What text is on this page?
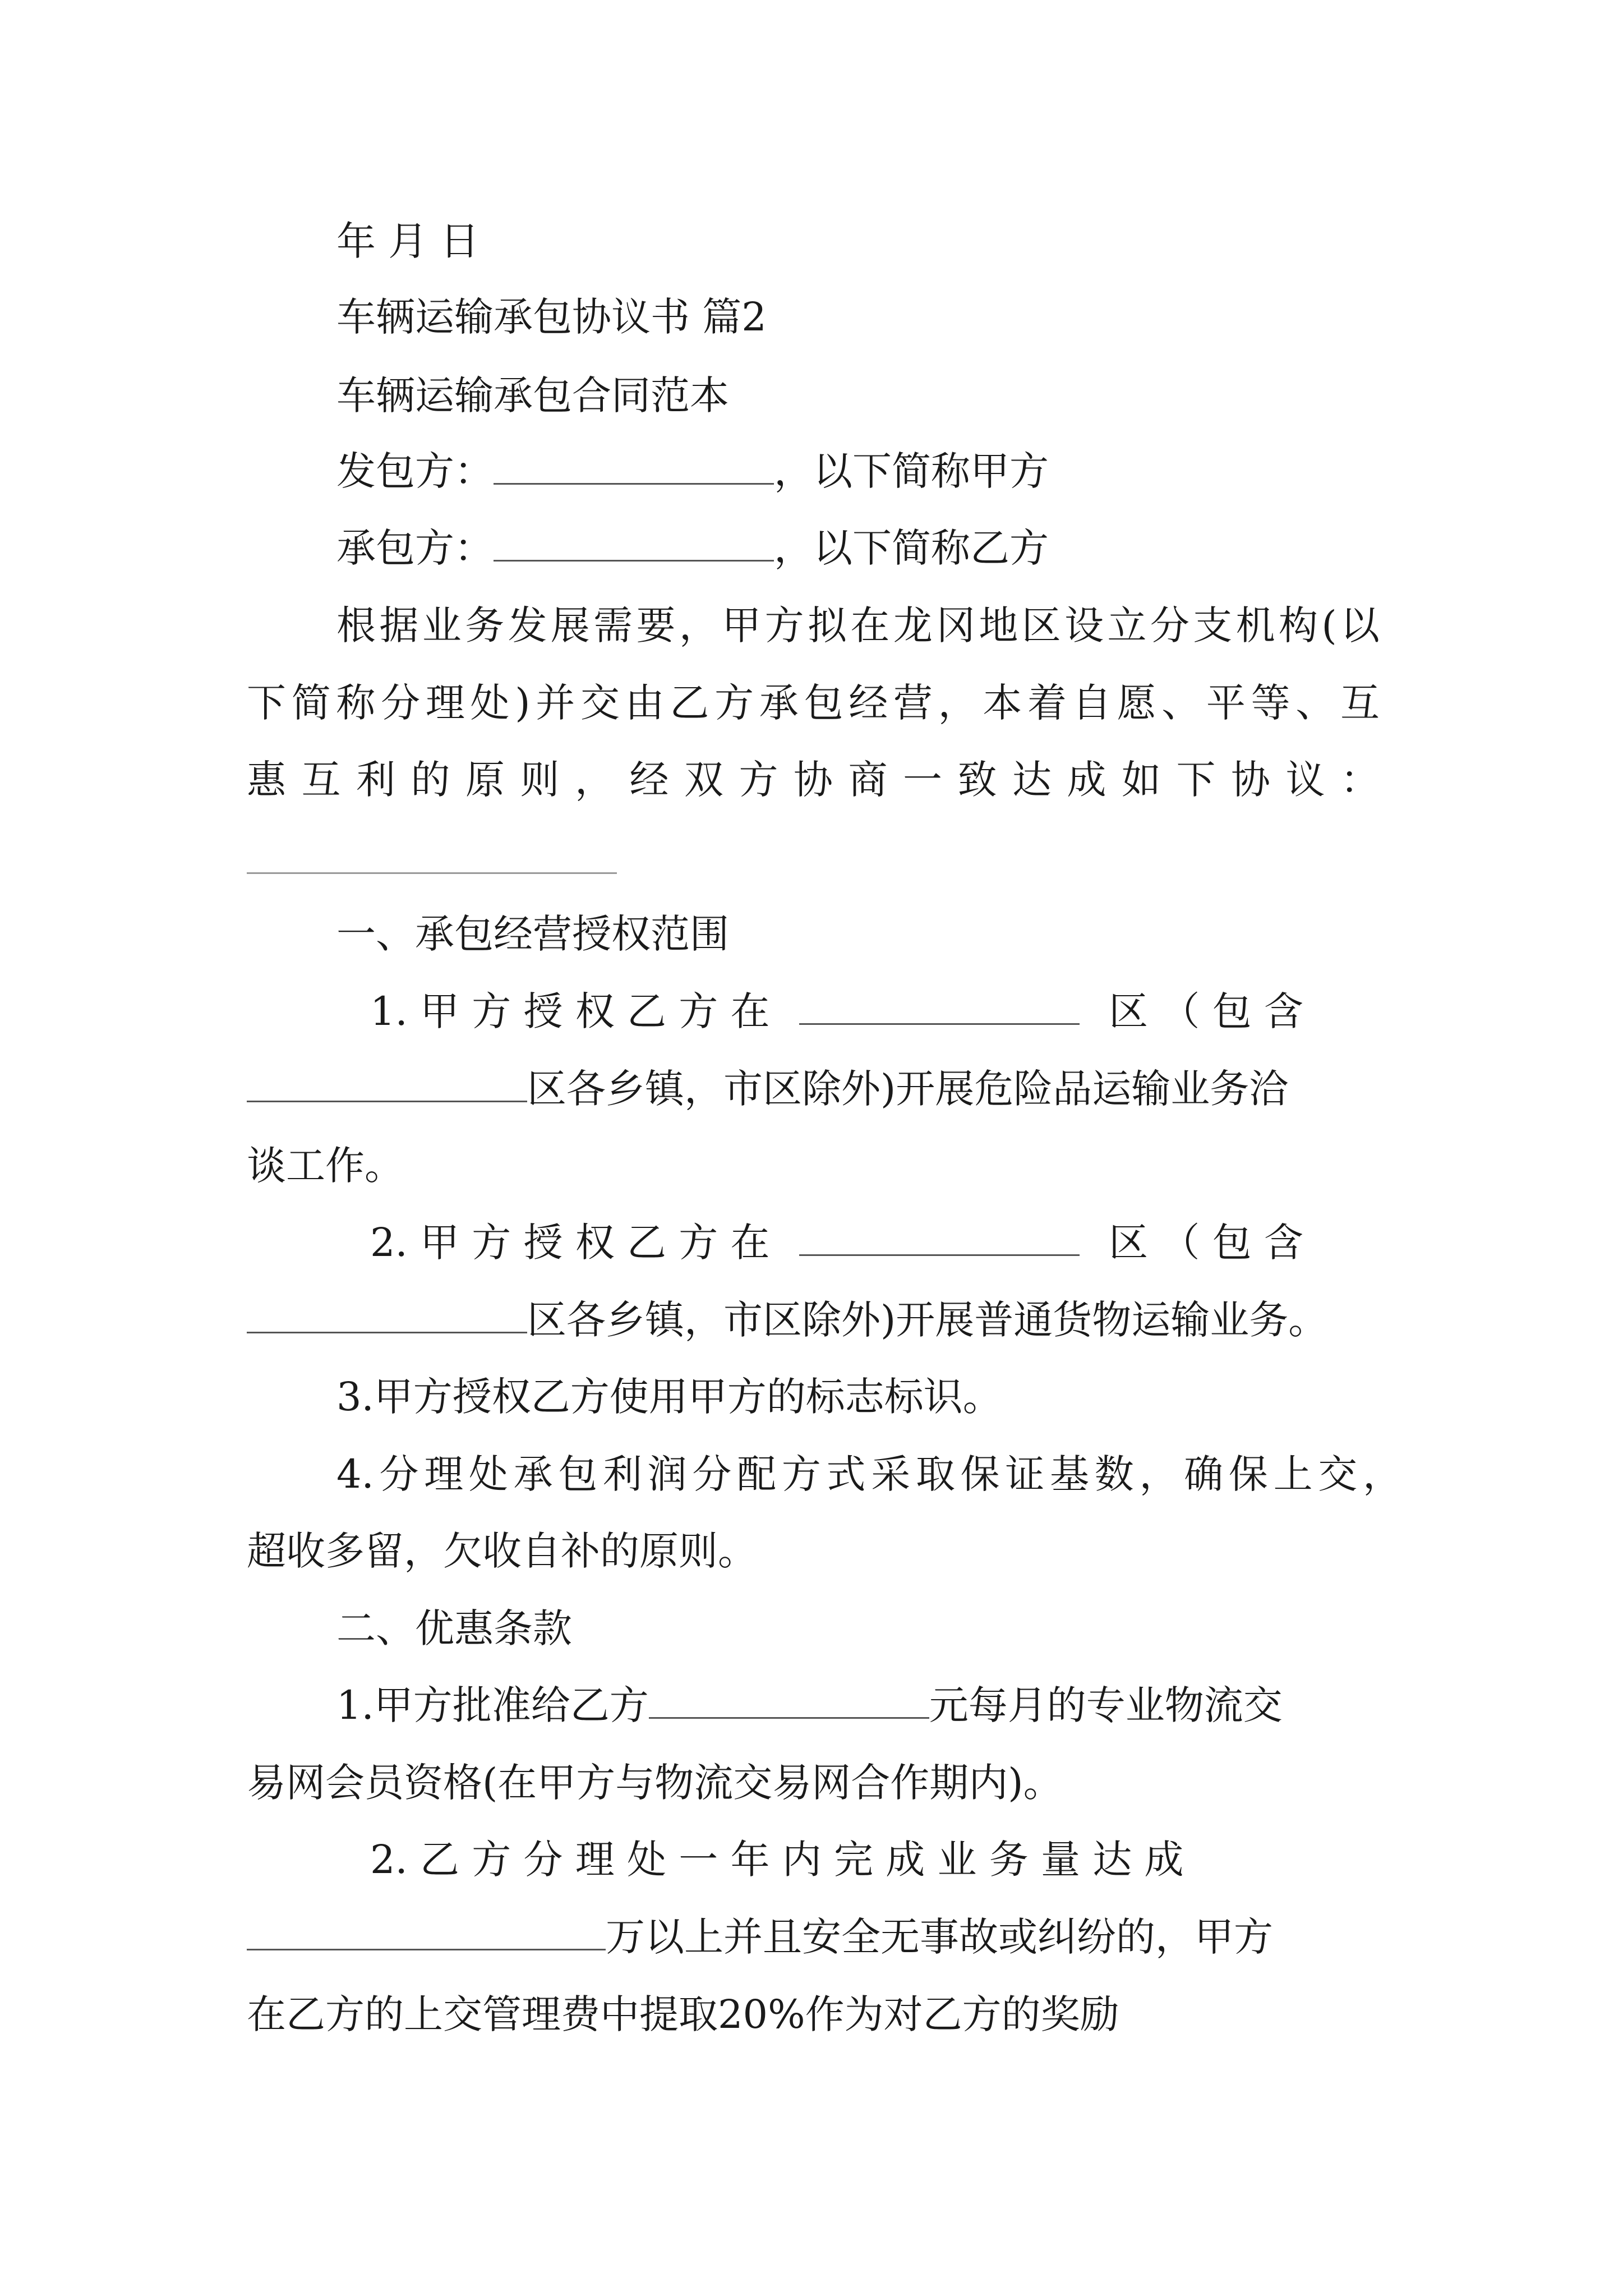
年 月 日
车辆运输承包协议书 篇2
车辆运输承包合同范本
发包方：	，以下简称甲方
承包方：	，以下简称乙方
根据业务发展需要，甲方拟在龙冈地区设立分支机构(以
下简称分理处)并交由乙方承包经营，本着自愿、平等、互
惠互利的原则，经双方协商一致达成如下协议：
一、承包经营授权范围
1. 甲 方 授 权 乙 方 在	区 （ 包 含
区各乡镇，市区除外)开展危险品运输业务洽
谈工作。
2. 甲 方 授 权 乙 方 在	区 （ 包 含
区各乡镇，市区除外)开展普通货物运输业务。
3.甲方授权乙方使用甲方的标志标识。
4.分理处承包利润分配方式采取保证基数，确保上交，
超收多留，欠收自补的原则。
二、优惠条款
1.甲方批准给乙方	元每月的专业物流交
易网会员资格(在甲方与物流交易网合作期内)。
2. 乙 方 分 理 处 一 年 内 完 成 业 务 量 达 成
万以上并且安全无事故或纠纷的，甲方
在乙方的上交管理费中提取20%作为对乙方的奖励
